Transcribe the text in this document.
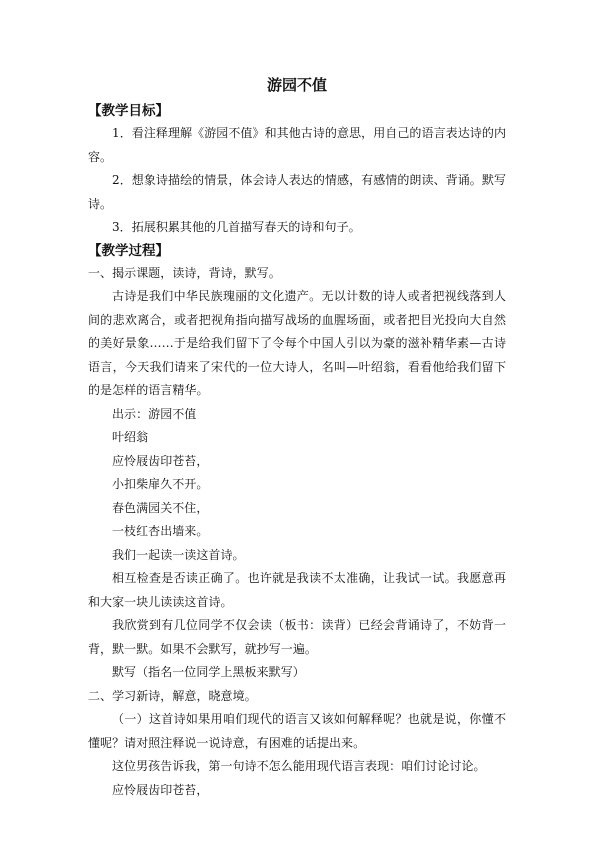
游园不值
【教学目标】

1．看注释理解《游园不值》和其他古诗的意思，用自己的语言表达诗的内容。

2．想象诗描绘的情景，体会诗人表达的情感，有感情的朗读、背诵。默写诗。

3．拓展积累其他的几首描写春天的诗和句子。

【教学过程】

一、揭示课题，读诗，背诗，默写。

古诗是我们中华民族瑰丽的文化遗产。无以计数的诗人或者把视线落到人间的悲欢离合，或者把视角指向描写战场的血腥场面，或者把目光投向大自然的美好景象……于是给我们留下了令每个中国人引以为豪的滋补精华素—古诗语言，今天我们请来了宋代的一位大诗人，名叫—叶绍翁，看看他给我们留下的是怎样的语言精华。

出示：游园不值

叶绍翁

应怜屐齿印苍苔，

小扣柴扉久不开。

春色满园关不住，

一枝红杏出墙来。

我们一起读一读这首诗。

相互检查是否读正确了。也许就是我读不太准确，让我试一试。我愿意再和大家一块儿读读这首诗。

我欣赏到有几位同学不仅会读（板书：读背）已经会背诵诗了，不妨背一背，默一默。如果不会默写，就抄写一遍。

默写（指名一位同学上黑板来默写）

二、学习新诗，解意，晓意境。

（一）这首诗如果用咱们现代的语言又该如何解释呢？也就是说，你懂不懂呢？请对照注释说一说诗意，有困难的话提出来。

这位男孩告诉我，第一句诗不怎么能用现代语言表现：咱们讨论讨论。

应怜屐齿印苍苔，
